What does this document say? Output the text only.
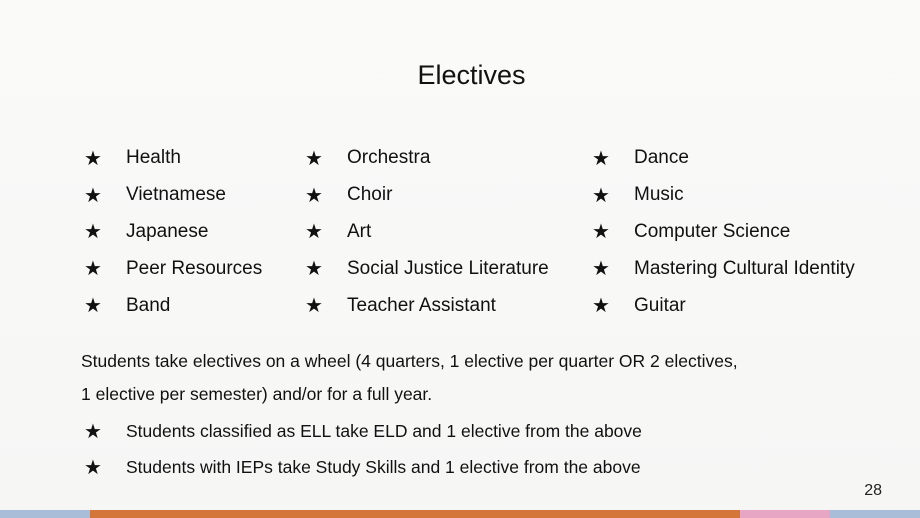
Electives
★	Health
★	Vietnamese
★	Japanese
★	Peer Resources
★	Band
★	Orchestra
★	Choir
★	Art
★	Social Justice Literature
★	Teacher Assistant
★	Dance
★	Music
★	Computer Science
★	Mastering Cultural Identity
★	Guitar
Students take electives on a wheel (4 quarters, 1 elective per quarter OR 2 electives,
1 elective per semester) and/or for a full year.
★	Students classified as ELL take ELD and 1 elective from the above
★	Students with IEPs take Study Skills and 1 elective from the above
28
